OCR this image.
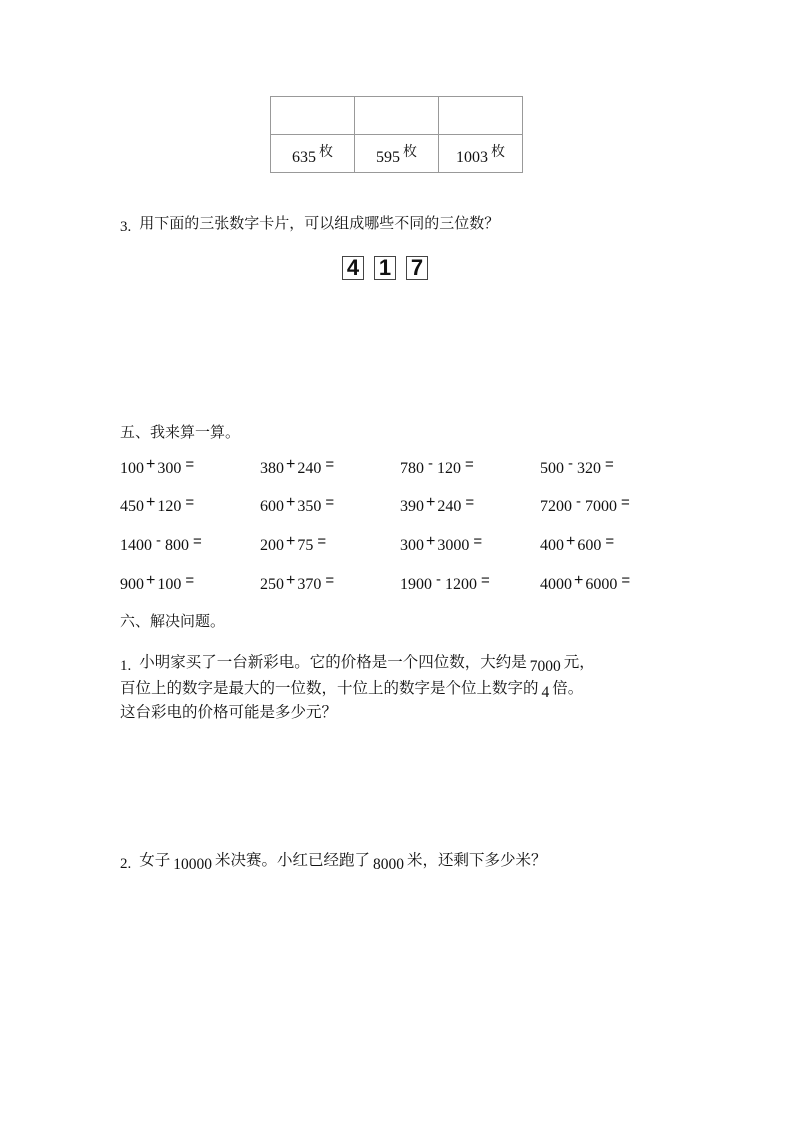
635 枚	595 枚	1003 枚
3. 用下面的三张数字卡片，可以组成哪些不同的三位数？
4 1 7
五、我来算一算。
100 + 300 =	380 + 240 =	780 - 120 =	500 - 320 =
450 + 120 =	600 + 350 =	390 + 240 =	7200 - 7000 =
1400 - 800 =	200 + 75 =	300 + 3000 =	400 + 600 =
900 + 100 =	250 + 370 =	1900 - 1200 =	4000 + 6000 =
六、解决问题。
1. 小明家买了一台新彩电。它的价格是一个四位数，大约是 7000 元，
百位上的数字是最大的一位数，十位上的数字是个位上数字的 4 倍。
这台彩电的价格可能是多少元？
2. 女子 10000 米决赛。小红已经跑了 8000 米，还剩下多少米？
